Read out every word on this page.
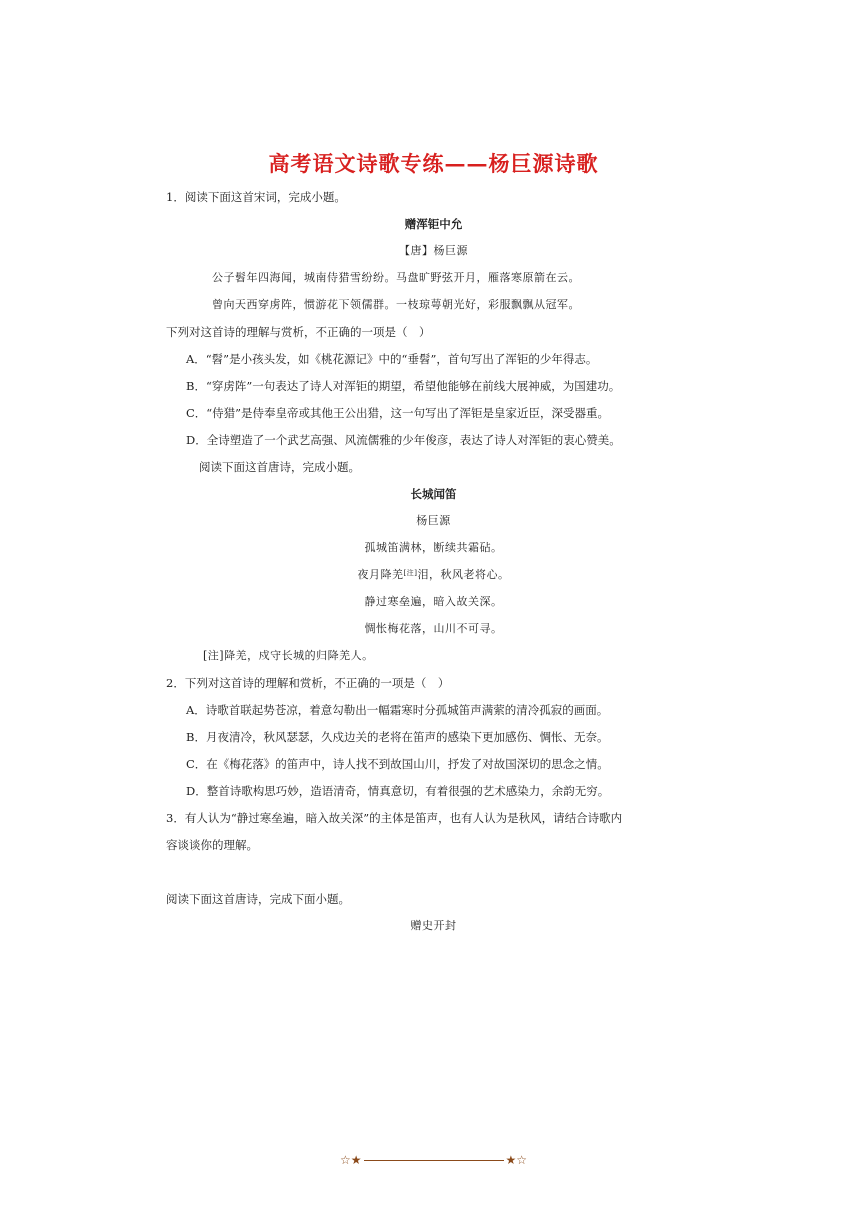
高考语文诗歌专练——杨巨源诗歌
1．阅读下面这首宋词，完成小题。
赠浑钜中允
【唐】杨巨源
公子髫年四海闻，城南侍猎雪纷纷。马盘旷野弦开月，雁落寒原箭在云。
曾向天西穿虏阵，惯游花下领儒群。一枝琼萼朝光好，彩服飘飘从冠军。
下列对这首诗的理解与赏析，不正确的一项是（　）
A．“髫”是小孩头发，如《桃花源记》中的“垂髫”，首句写出了浑钜的少年得志。
B．“穿虏阵”一句表达了诗人对浑钜的期望，希望他能够在前线大展神威，为国建功。
C．“侍猎”是侍奉皇帝或其他王公出猎，这一句写出了浑钜是皇家近臣，深受器重。
D．全诗塑造了一个武艺高强、风流儒雅的少年俊彦，表达了诗人对浑钜的衷心赞美。
阅读下面这首唐诗，完成小题。
长城闻笛
杨巨源
孤城笛满林，断续共霜砧。
夜月降羌[注]泪，秋风老将心。
静过寒垒遍，暗入故关深。
惆怅梅花落，山川不可寻。
[注]降羌，戍守长城的归降羌人。
2．下列对这首诗的理解和赏析，不正确的一项是（　）
A．诗歌首联起势苍凉，着意勾勒出一幅霜寒时分孤城笛声满萦的清冷孤寂的画面。
B．月夜清冷，秋风瑟瑟，久戍边关的老将在笛声的感染下更加感伤、惆怅、无奈。
C．在《梅花落》的笛声中，诗人找不到故国山川，抒发了对故国深切的思念之情。
D．整首诗歌构思巧妙，造语清奇，情真意切，有着很强的艺术感染力，余韵无穷。
3．有人认为“静过寒垒遍，暗入故关深”的主体是笛声，也有人认为是秋风，请结合诗歌内
容谈谈你的理解。
阅读下面这首唐诗，完成下面小题。
赠史开封
☆★	★☆
